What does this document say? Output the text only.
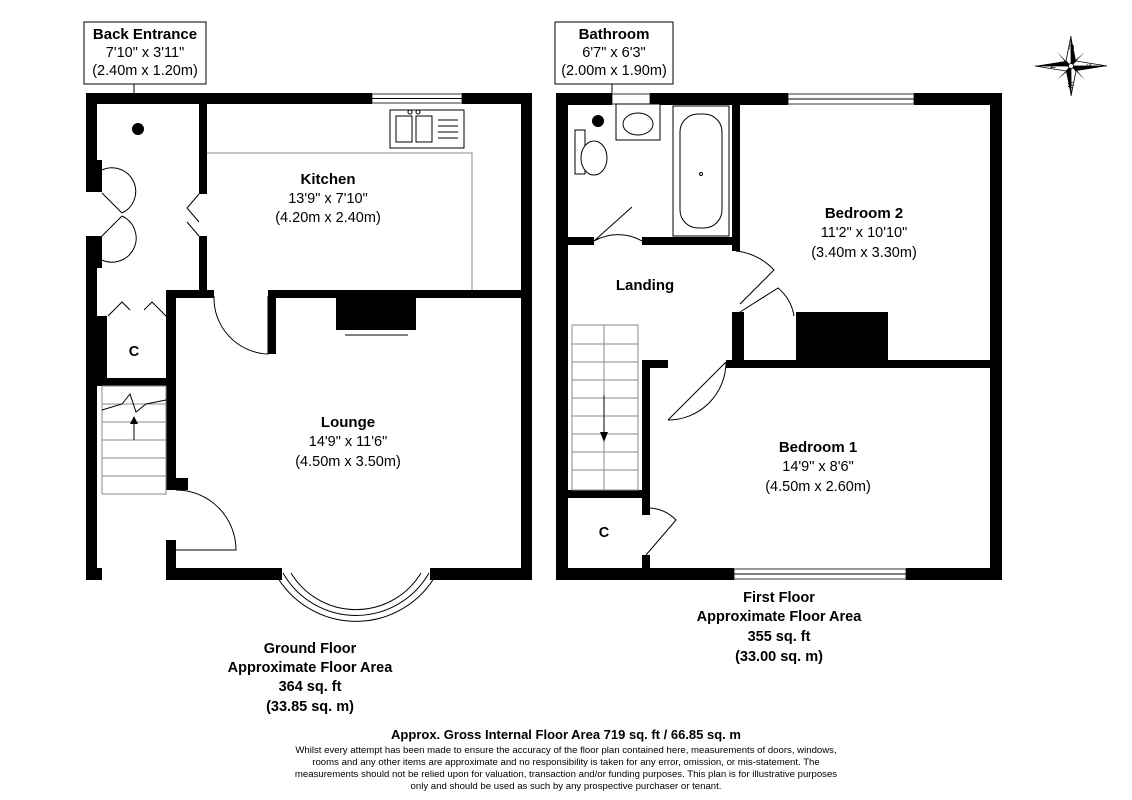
Back Entrance
7'10" x 3'11"
(2.40m x 1.20m)
Bathroom
6'7" x 6'3"
(2.00m x 1.90m)
Kitchen
13'9" x 7'10"
(4.20m x 2.40m)
Lounge
14'9" x 11'6"
(4.50m x 3.50m)
C
C
Bedroom 2
11'2" x 10'10"
(3.40m x 3.30m)
Landing
Bedroom 1
14'9" x 8'6"
(4.50m x 2.60m)
Ground Floor
Approximate Floor Area
364 sq. ft
(33.85 sq. m)
First Floor
Approximate Floor Area
355 sq. ft
(33.00 sq. m)
Approx. Gross Internal Floor Area 719 sq. ft / 66.85 sq. m
Whilst every attempt has been made to ensure the accuracy of the floor plan contained here, measurements of doors, windows,
rooms and any other items are approximate and no responsibility is taken for any error, omission, or mis-statement. The
measurements should not be relied upon for valuation, transaction and/or funding purposes. This plan is for illustrative purposes
only and should be used as such by any prospective purchaser or tenant.
E
N	S
W
